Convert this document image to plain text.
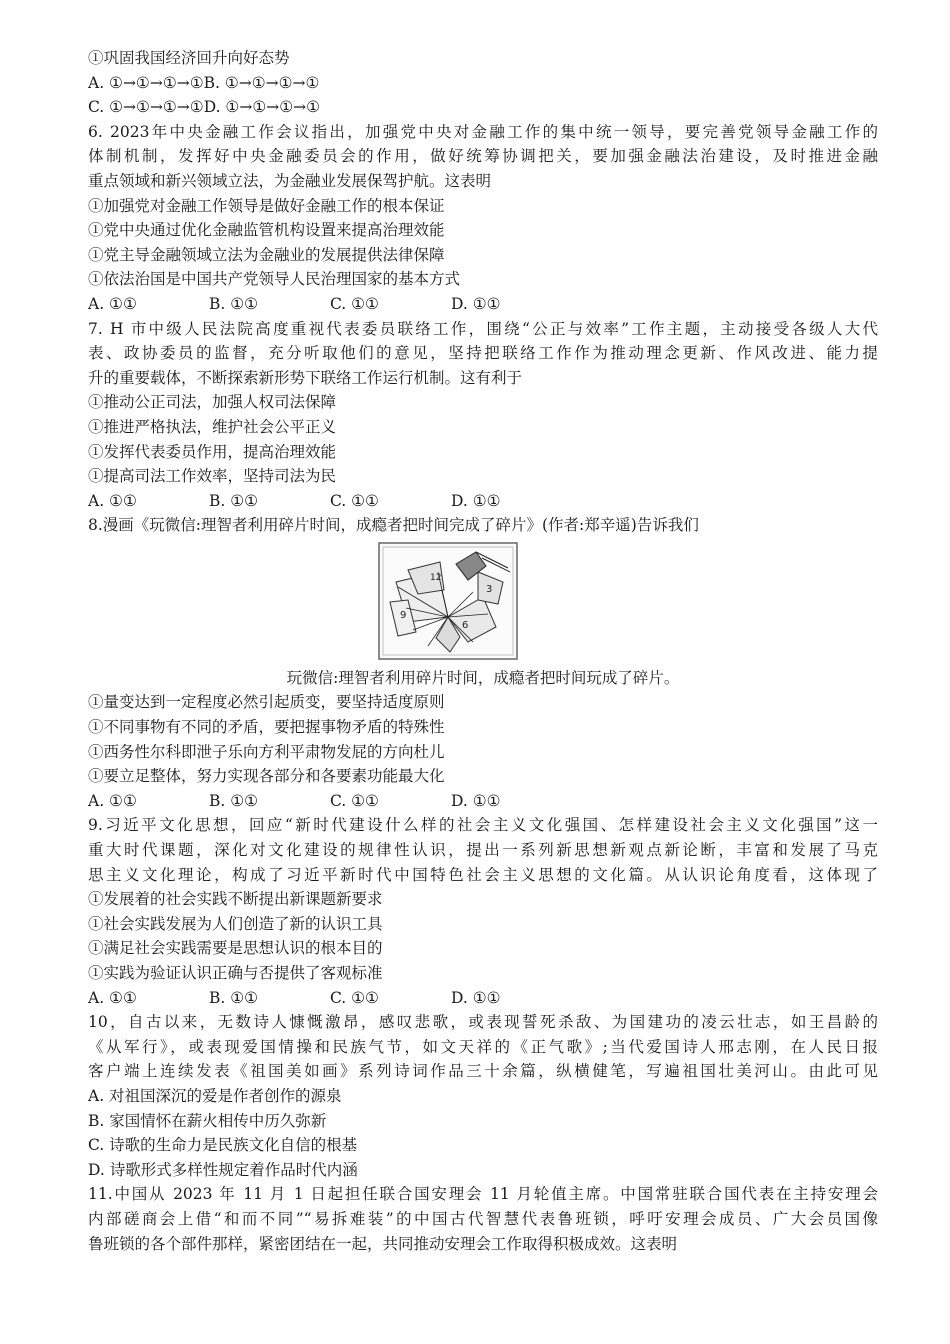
①巩固我国经济回升向好态势
A. ①→①→①→①B. ①→①→①→①
C. ①→①→①→①D. ①→①→①→①
6. 2023年中央金融工作会议指出，加强党中央对金融工作的集中统一领导，要完善党领导金融工作的
体制机制，发挥好中央金融委员会的作用，做好统筹协调把关，要加强金融法治建设，及时推进金融
重点领域和新兴领域立法，为金融业发展保驾护航。这表明
①加强党对金融工作领导是做好金融工作的根本保证
①党中央通过优化金融监管机构设置来提高治理效能
①党主导金融领域立法为金融业的发展提供法律保障
①依法治国是中国共产党领导人民治理国家的基本方式
A. ①①	B. ①①	C. ①①	D. ①①
7. H 市中级人民法院高度重视代表委员联络工作，围绕“公正与效率”工作主题，主动接受各级人大代
表、政协委员的监督，充分听取他们的意见，坚持把联络工作作为推动理念更新、作风改进、能力提
升的重要载体，不断探索新形势下联络工作运行机制。这有利于
①推动公正司法，加强人权司法保障
①推进严格执法，维护社会公平正义
①发挥代表委员作用，提高治理效能
①提高司法工作效率，坚持司法为民
A. ①①	B. ①①	C. ①①	D. ①①
8.漫画《玩微信:理智者利用碎片时间，成瘾者把时间完成了碎片》(作者:郑辛遥)告诉我们
12
3
9
6
玩微信:理智者利用碎片时间，成瘾者把时间玩成了碎片。
①量变达到一定程度必然引起质变，要坚持适度原则
①不同事物有不同的矛盾，要把握事物矛盾的特殊性
①西务性尔科即泄子乐向方利平肃物发屁的方向杜儿
①要立足整体，努力实现各部分和各要素功能最大化
A. ①①	B. ①①	C. ①①	D. ①①
9.习近平文化思想，回应“新时代建设什么样的社会主义文化强国、怎样建设社会主义文化强国”这一
重大时代课题，深化对文化建设的规律性认识，提出一系列新思想新观点新论断，丰富和发展了马克
思主义文化理论，构成了习近平新时代中国特色社会主义思想的文化篇。从认识论角度看，这体现了
①发展着的社会实践不断提出新课题新要求
①社会实践发展为人们创造了新的认识工具
①满足社会实践需要是思想认识的根本目的
①实践为验证认识正确与否提供了客观标准
A. ①①	B. ①①	C. ①①	D. ①①
10，自古以来，无数诗人慷慨激昂，感叹悲歌，或表现誓死杀敌、为国建功的凌云壮志，如王昌龄的
《从军行》，或表现爱国情操和民族气节，如文天祥的《正气歌》;当代爱国诗人邢志刚，在人民日报
客户端上连续发表《祖国美如画》系列诗词作品三十余篇，纵横健笔，写遍祖国壮美河山。由此可见
A. 对祖国深沉的爱是作者创作的源泉
B. 家国情怀在薪火相传中历久弥新
C. 诗歌的生命力是民族文化自信的根基
D. 诗歌形式多样性规定着作品时代内涵
11.中国从 2023 年 11 月 1 日起担任联合国安理会 11 月轮值主席。中国常驻联合国代表在主持安理会
内部磋商会上借“和而不同”“易拆难装”的中国古代智慧代表鲁班锁，呼吁安理会成员、广大会员国像
鲁班锁的各个部件那样，紧密团结在一起，共同推动安理会工作取得积极成效。这表明
